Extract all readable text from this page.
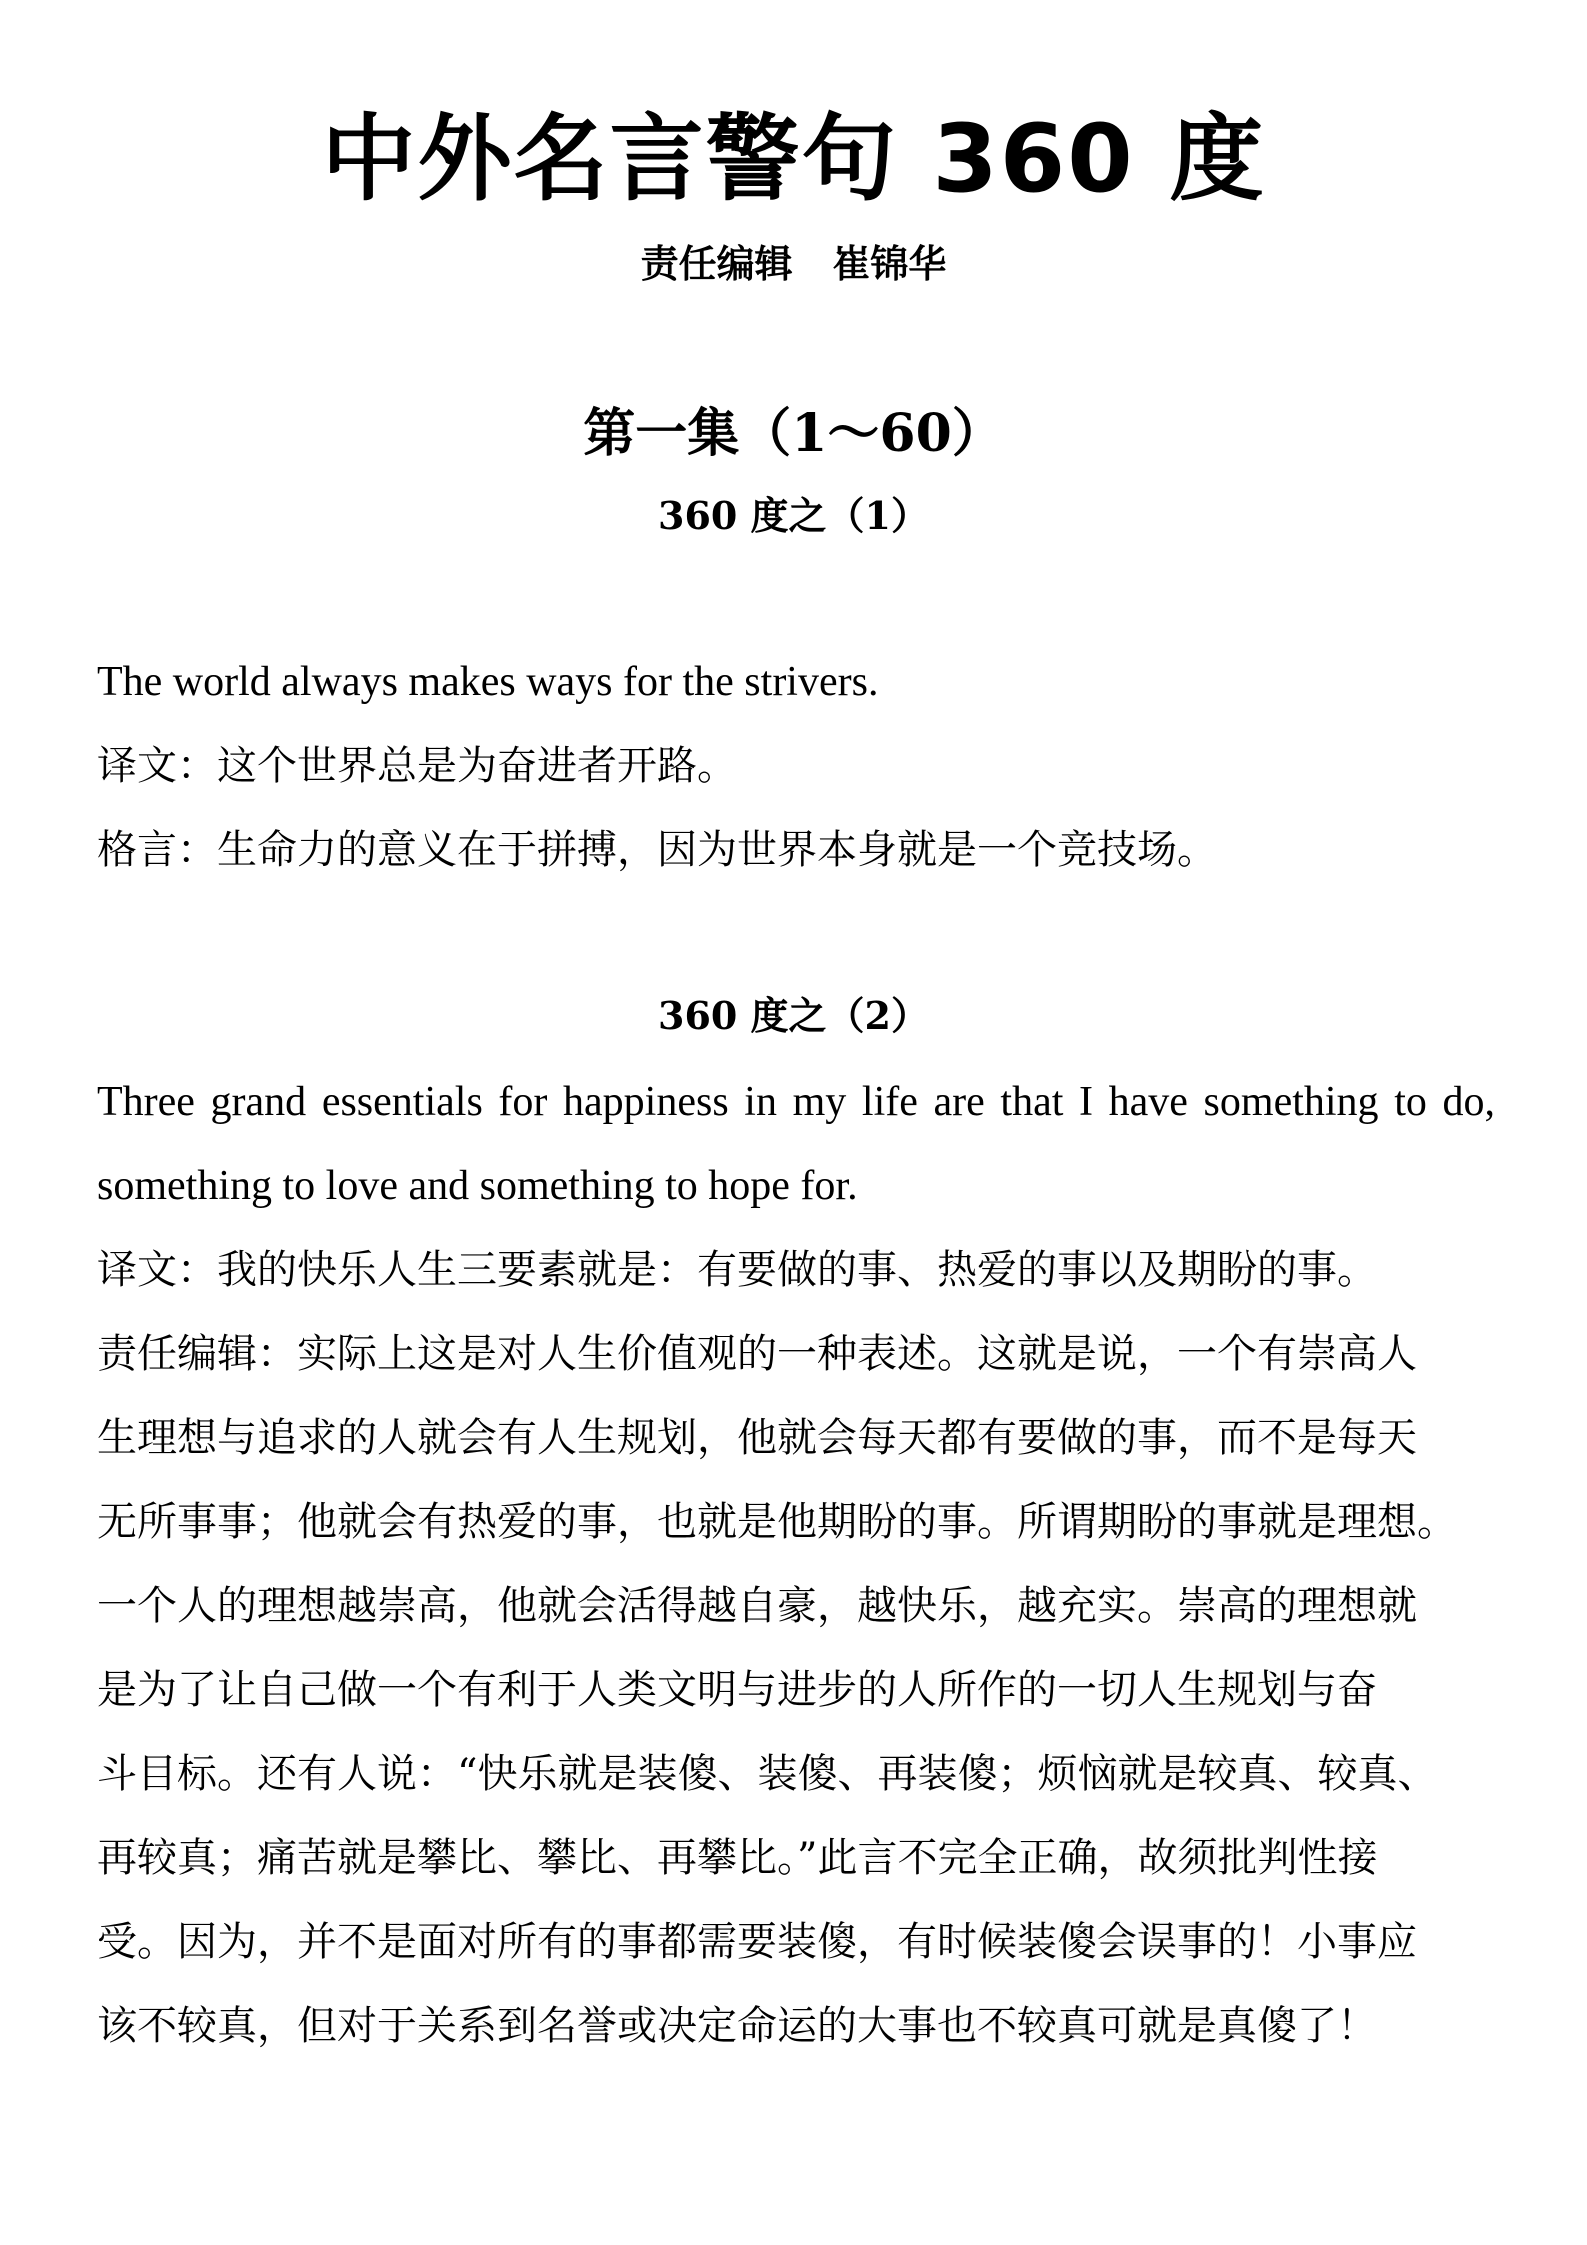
中外名言警句 360 度

责任编辑   崔锦华

第一集（1～60）
360 度之（1）

The world always makes ways for the strivers.

译文：这个世界总是为奋进者开路。

格言：生命力的意义在于拼搏，因为世界本身就是一个竞技场。

360 度之（2）

Three grand essentials for happiness in my life are that I have something to do,

something to love and something to hope for.

译文：我的快乐人生三要素就是：有要做的事、热爱的事以及期盼的事。

责任编辑：实际上这是对人生价值观的一种表述。这就是说，一个有崇高人

生理想与追求的人就会有人生规划，他就会每天都有要做的事，而不是每天

无所事事；他就会有热爱的事，也就是他期盼的事。所谓期盼的事就是理想。

一个人的理想越崇高，他就会活得越自豪，越快乐，越充实。崇高的理想就

是为了让自己做一个有利于人类文明与进步的人所作的一切人生规划与奋

斗目标。还有人说：“快乐就是装傻、装傻、再装傻；烦恼就是较真、较真、

再较真；痛苦就是攀比、攀比、再攀比。”此言不完全正确，故须批判性接

受。因为，并不是面对所有的事都需要装傻，有时候装傻会误事的！小事应

该不较真，但对于关系到名誉或决定命运的大事也不较真可就是真傻了！
